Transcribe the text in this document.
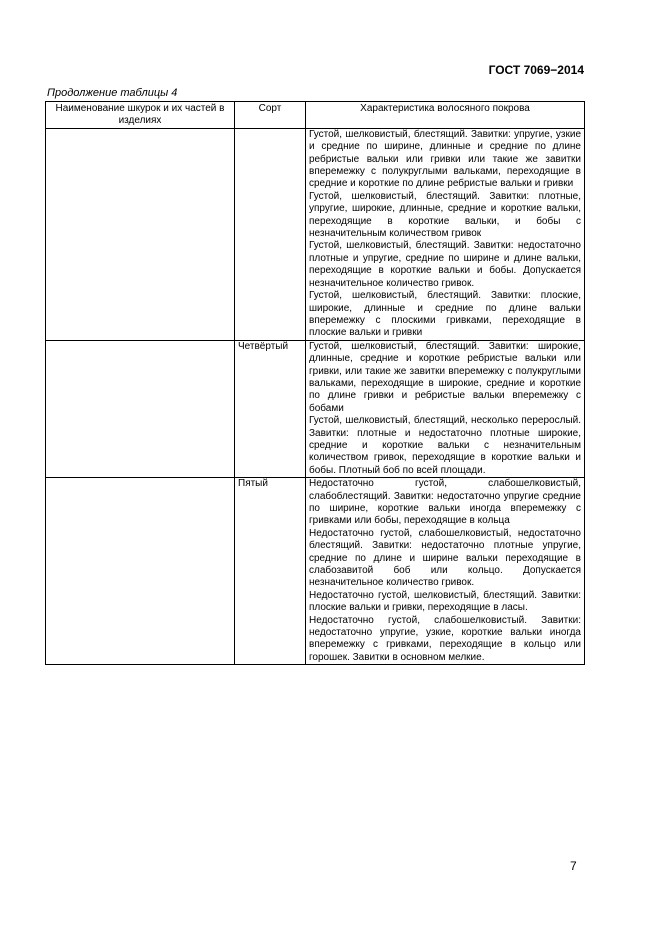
ГОСТ 7069−2014
Продолжение таблицы 4
Наименование шкурок и их частей в изделиях	Сорт	Характеристика волосяного покрова

		Густой, шелковистый, блестящий. Завитки: упругие, узкие и средние по ширине, длинные и средние по длине ребристые вальки или гривки или такие же завитки вперемежку с полукруглыми вальками, переходящие в средние и короткие по длине ребристые вальки и гривки

Густой, шелковистый, блестящий. Завитки: плотные, упругие, широкие, длинные, средние и короткие вальки, переходящие в короткие вальки, и бобы с незначительным количеством гривок

Густой, шелковистый, блестящий. Завитки: недостаточно плотные и упругие, средние по ширине и длине вальки, переходящие в короткие вальки и бобы. Допускается незначительное количество гривок.

Густой, шелковистый, блестящий. Завитки: плоские, широкие, длинные и средние по длине вальки вперемежку с плоскими гривками, переходящие в плоские вальки и гривки

	Четвёртый	Густой, шелковистый, блестящий. Завитки: широкие, длинные, средние и короткие ребристые вальки или гривки, или такие же завитки вперемежку с полукруглыми вальками, переходящие в широкие, средние и короткие по длине гривки и ребристые вальки вперемежку с бобами

Густой, шелковистый, блестящий, несколько перерослый. Завитки: плотные и недостаточно плотные широкие, средние и короткие вальки с незначительным количеством гривок, переходящие в короткие вальки и бобы. Плотный боб по всей площади.

	Пятый	Недостаточно густой, слабошелковистый, слабоблестящий. Завитки: недостаточно упругие средние по ширине, короткие вальки иногда вперемежку с гривками или бобы, переходящие в кольца

Недостаточно густой, слабошелковистый, недостаточно блестящий. Завитки: недостаточно плотные упругие, средние по длине и ширине вальки переходящие в слабозавитой боб или кольцо. Допускается незначительное количество гривок.

Недостаточно густой, шелковистый, блестящий. Завитки: плоские вальки и гривки, переходящие в ласы.

Недостаточно густой, слабошелковистый. Завитки: недостаточно упругие, узкие, короткие вальки иногда вперемежку с гривками, переходящие в кольцо или горошек. Завитки в основном мелкие.

7
